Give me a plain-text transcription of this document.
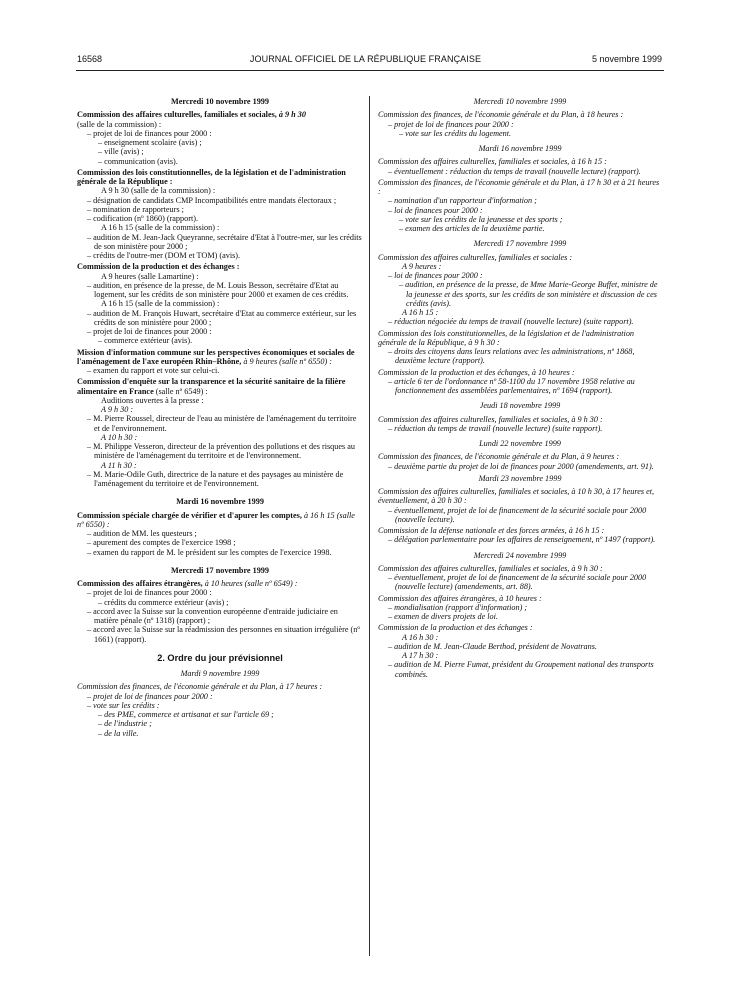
16568	JOURNAL OFFICIEL DE LA RÉPUBLIQUE FRANÇAISE	5 novembre 1999
Mercredi 10 novembre 1999
Commission des affaires culturelles, familiales et sociales, à 9 h 30
(salle de la commission) :
– projet de loi de finances pour 2000 :
– enseignement scolaire (avis) ;
– ville (avis) ;
– communication (avis).
Commission des lois constitutionnelles, de la législation et de l'administration générale de la République :
A 9 h 30 (salle de la commission) :
– désignation de candidats CMP Incompatibilités entre mandats électoraux ;
– nomination de rapporteurs ;
– codification (nº 1860) (rapport).
A 16 h 15 (salle de la commission) :
– audition de M. Jean-Jack Queyranne, secrétaire d'Etat à l'outre-mer, sur les crédits de son ministère pour 2000 ;
– crédits de l'outre-mer (DOM et TOM) (avis).
Commission de la production et des échanges :
A 9 heures (salle Lamartine) :
– audition, en présence de la presse, de M. Louis Besson, secrétaire d'Etat au logement, sur les crédits de son ministère pour 2000 et examen de ces crédits.
A 16 h 15 (salle de la commission) :
– audition de M. François Huwart, secrétaire d'Etat au commerce extérieur, sur les crédits de son ministère pour 2000 ;
– projet de loi de finances pour 2000 :
– commerce extérieur (avis).
Mission d'information commune sur les perspectives économiques et sociales de l'aménagement de l'axe européen Rhin–Rhône, à 9 heures (salle nº 6550) :
– examen du rapport et vote sur celui-ci.
Commission d'enquête sur la transparence et la sécurité sanitaire de la filière alimentaire en France (salle nº 6549) :
Auditions ouvertes à la presse :
A 9 h 30 :
– M. Pierre Roussel, directeur de l'eau au ministère de l'aménagement du territoire et de l'environnement.
A 10 h 30 :
– M. Philippe Vesseron, directeur de la prévention des pollutions et des risques au ministère de l'aménagement du territoire et de l'environnement.
A 11 h 30 :
– M. Marie-Odile Guth, directrice de la nature et des paysages au ministère de l'aménagement du territoire et de l'environnement.
Mardi 16 novembre 1999
Commission spéciale chargée de vérifier et d'apurer les comptes, à 16 h 15 (salle nº 6550) :
– audition de MM. les questeurs ;
– apurement des comptes de l'exercice 1998 ;
– examen du rapport de M. le président sur les comptes de l'exercice 1998.
Mercredi 17 novembre 1999
Commission des affaires étrangères, à 10 heures (salle nº 6549) :
– projet de loi de finances pour 2000 :
– crédits du commerce extérieur (avis) ;
– accord avec la Suisse sur la convention européenne d'entraide judiciaire en matière pénale (nº 1318) (rapport) ;
– accord avec la Suisse sur la réadmission des personnes en situation irrégulière (nº 1661) (rapport).
2. Ordre du jour prévisionnel
Mardi 9 novembre 1999
Commission des finances, de l'économie générale et du Plan, à 17 heures :
– projet de loi de finances pour 2000 :
– vote sur les crédits :
– des PME, commerce et artisanat et sur l'article 69 ;
– de l'industrie ;
– de la ville.
Mercredi 10 novembre 1999
Commission des finances, de l'économie générale et du Plan, à 18 heures :
– projet de loi de finances pour 2000 :
– vote sur les crédits du logement.
Mardi 16 novembre 1999
Commission des affaires culturelles, familiales et sociales, à 16 h 15 :
– éventuellement : réduction du temps de travail (nouvelle lecture) (rapport).
Commission des finances, de l'économie générale et du Plan, à 17 h 30 et à 21 heures :
– nomination d'un rapporteur d'information ;
– loi de finances pour 2000 :
– vote sur les crédits de la jeunesse et des sports ;
– examen des articles de la deuxième partie.
Mercredi 17 novembre 1999
Commission des affaires culturelles, familiales et sociales :
A 9 heures :
– loi de finances pour 2000 :
– audition, en présence de la presse, de Mme Marie-George Buffet, ministre de la jeunesse et des sports, sur les crédits de son ministère et discussion de ces crédits (avis).
A 16 h 15 :
– réduction négociée du temps de travail (nouvelle lecture) (suite rapport).
Commission des lois constitutionnelles, de la législation et de l'administration générale de la République, à 9 h 30 :
– droits des citoyens dans leurs relations avec les administrations, nº 1868, deuxième lecture (rapport).
Commission de la production et des échanges, à 10 heures :
– article 6 ter de l'ordonnance nº 58-1100 du 17 novembre 1958 relative au fonctionnement des assemblées parlementaires, nº 1694 (rapport).
Jeudi 18 novembre 1999
Commission des affaires culturelles, familiales et sociales, à 9 h 30 :
– réduction du temps de travail (nouvelle lecture) (suite rapport).
Lundi 22 novembre 1999
Commission des finances, de l'économie générale et du Plan, à 9 heures :
– deuxième partie du projet de loi de finances pour 2000 (amendements, art. 91).
Mardi 23 novembre 1999
Commission des affaires culturelles, familiales et sociales, à 10 h 30, à 17 heures et, éventuellement, à 20 h 30 :
– éventuellement, projet de loi de financement de la sécurité sociale pour 2000 (nouvelle lecture).
Commission de la défense nationale et des forces armées, à 16 h 15 :
– délégation parlementaire pour les affaires de renseignement, nº 1497 (rapport).
Mercredi 24 novembre 1999
Commission des affaires culturelles, familiales et sociales, à 9 h 30 :
– éventuellement, projet de loi de financement de la sécurité sociale pour 2000 (nouvelle lecture) (amendements, art. 88).
Commission des affaires étrangères, à 10 heures :
– mondialisation (rapport d'information) ;
– examen de divers projets de loi.
Commission de la production et des échanges :
A 16 h 30 :
– audition de M. Jean-Claude Berthod, président de Novatrans.
A 17 h 30 :
– audition de M. Pierre Fumat, président du Groupement national des transports combinés.
